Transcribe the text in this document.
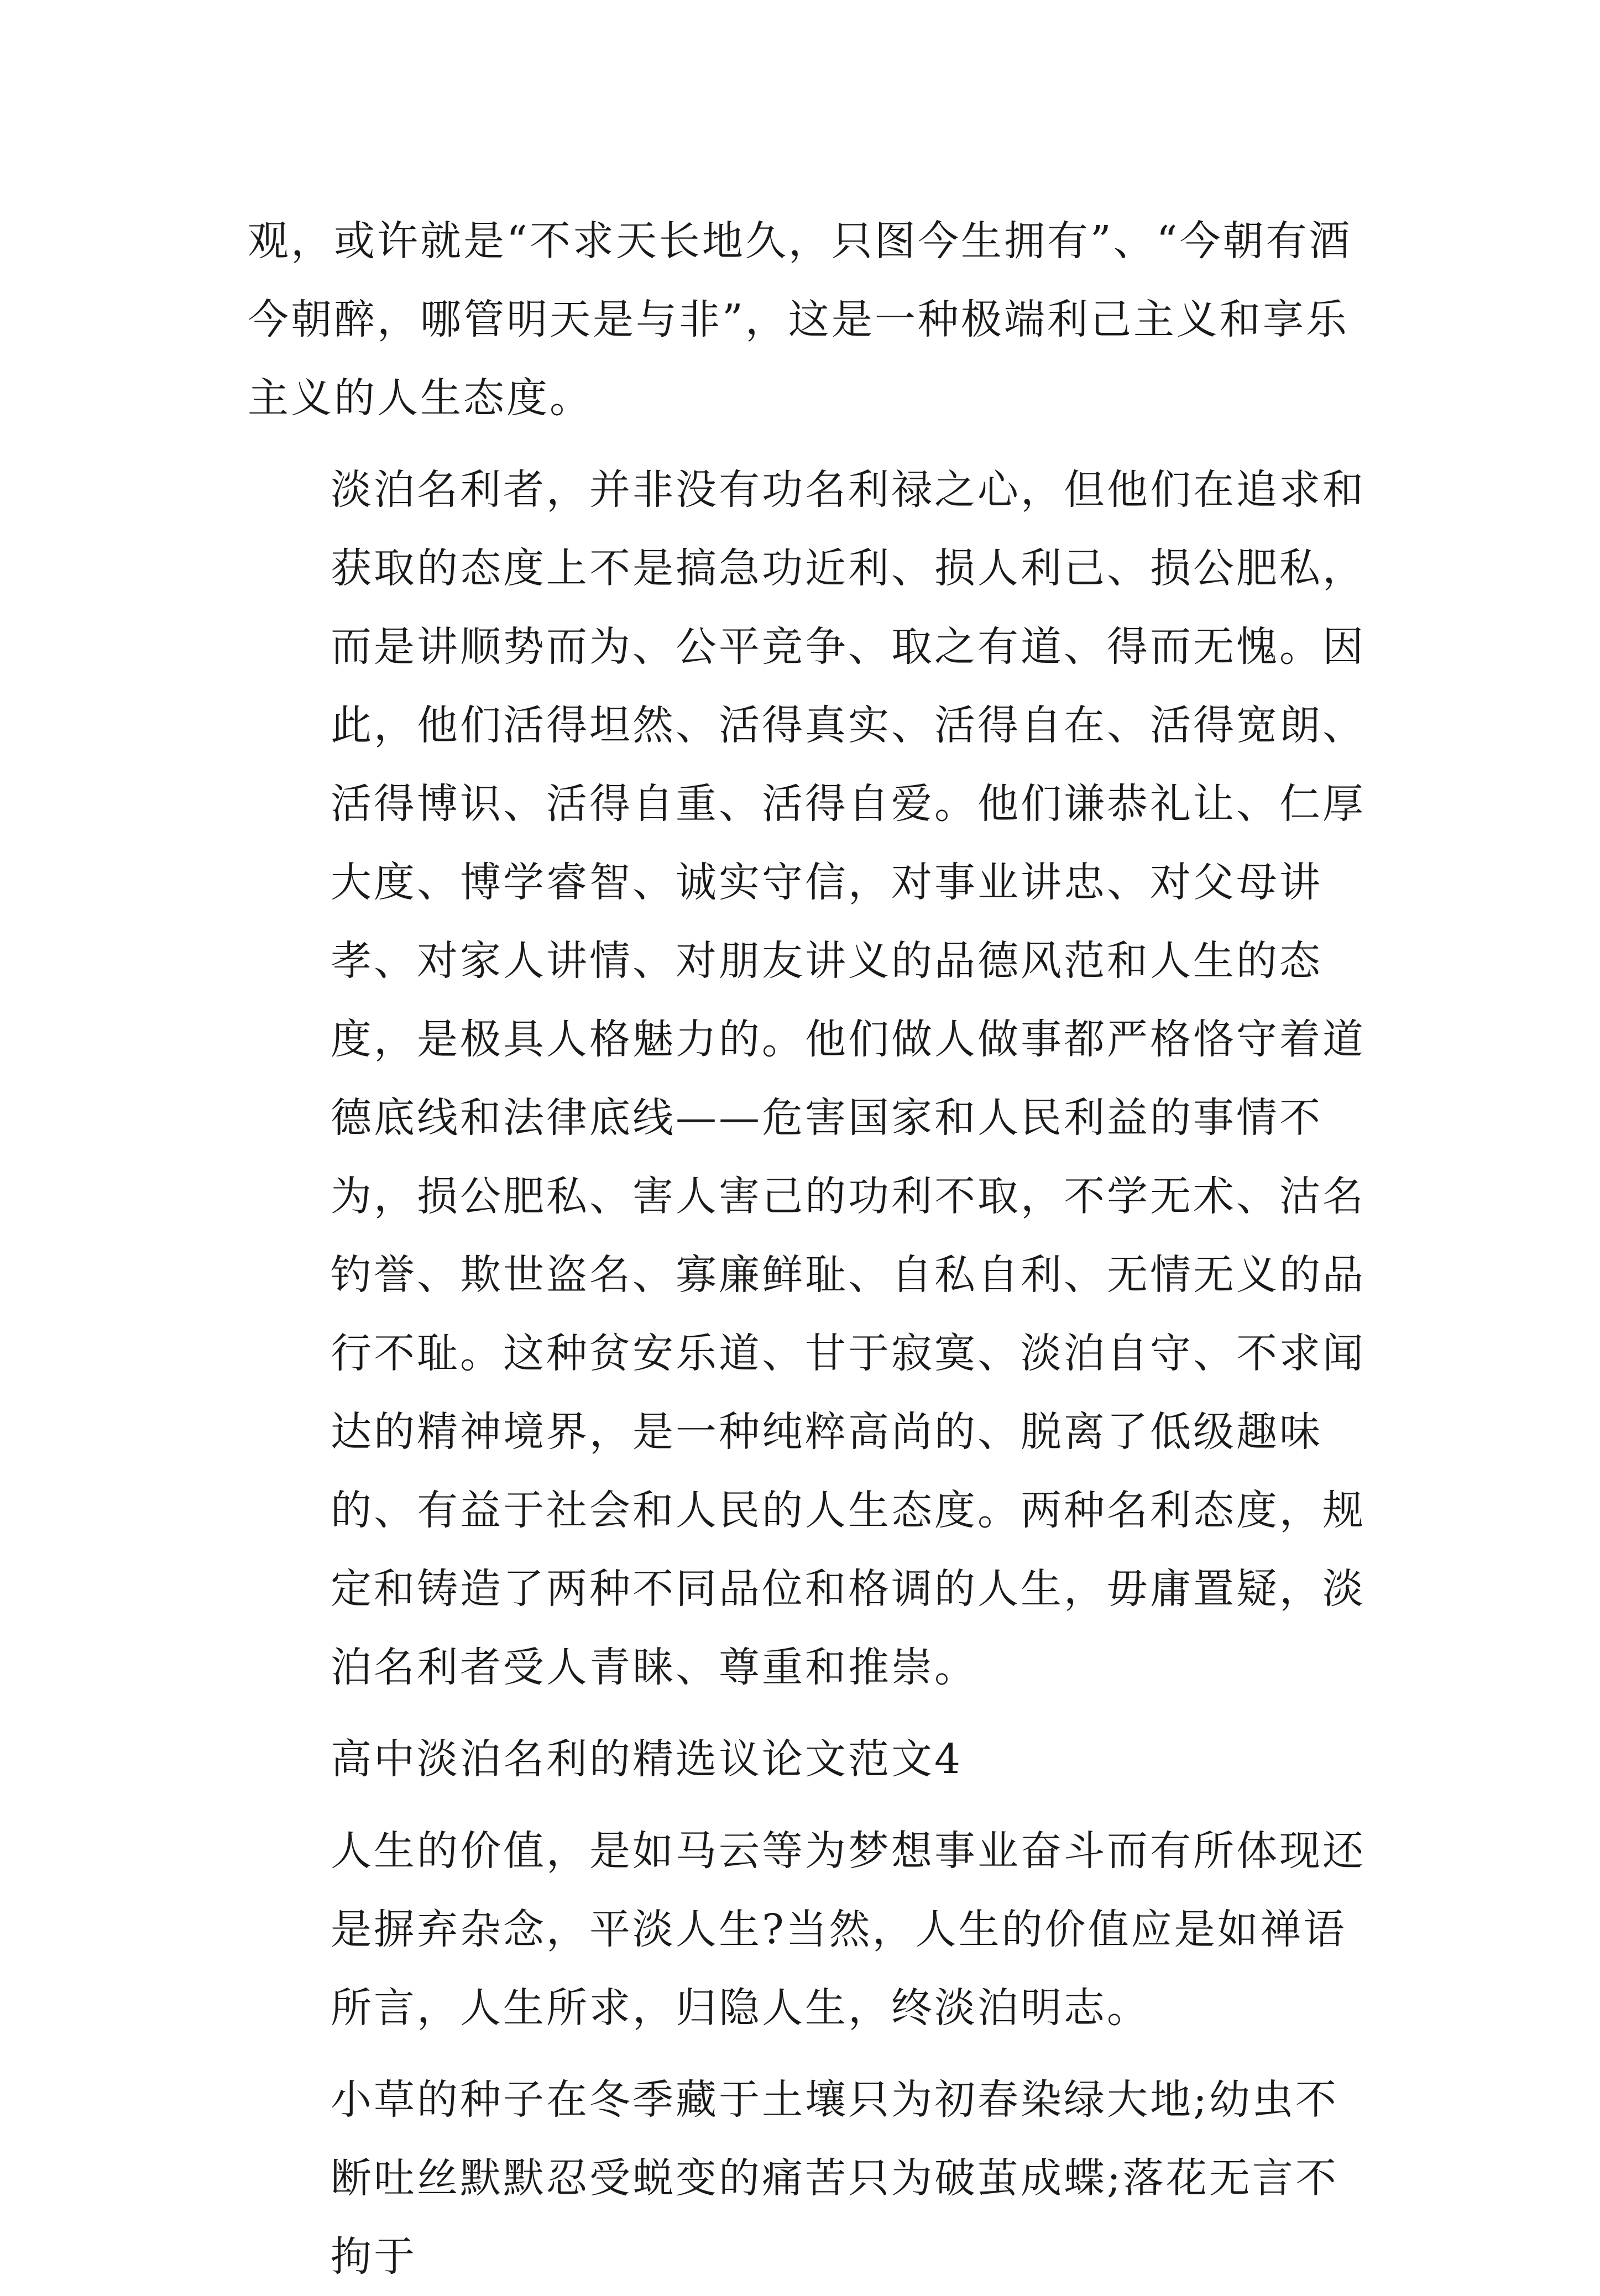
观，或许就是“不求天长地久，只图今生拥有”、“今朝有酒今朝醉，哪管明天是与非”，这是一种极端利己主义和享乐主义的人生态度。

淡泊名利者，并非没有功名利禄之心，但他们在追求和获取的态度上不是搞急功近利、损人利己、损公肥私，而是讲顺势而为、公平竞争、取之有道、得而无愧。因此，他们活得坦然、活得真实、活得自在、活得宽朗、活得博识、活得自重、活得自爱。他们谦恭礼让、仁厚大度、博学睿智、诚实守信，对事业讲忠、对父母讲孝、对家人讲情、对朋友讲义的品德风范和人生的态度，是极具人格魅力的。他们做人做事都严格恪守着道德底线和法律底线——危害国家和人民利益的事情不为，损公肥私、害人害己的功利不取，不学无术、沽名钓誉、欺世盗名、寡廉鲜耻、自私自利、无情无义的品行不耻。这种贫安乐道、甘于寂寞、淡泊自守、不求闻达的精神境界，是一种纯粹高尚的、脱离了低级趣味的、有益于社会和人民的人生态度。两种名利态度，规定和铸造了两种不同品位和格调的人生，毋庸置疑，淡泊名利者受人青睐、尊重和推崇。

高中淡泊名利的精选议论文范文4

人生的价值，是如马云等为梦想事业奋斗而有所体现还是摒弃杂念，平淡人生?当然，人生的价值应是如禅语所言，人生所求，归隐人生，终淡泊明志。

小草的种子在冬季藏于土壤只为初春染绿大地;幼虫不断吐丝默默忍受蜕变的痛苦只为破茧成蝶;落花无言不拘于
